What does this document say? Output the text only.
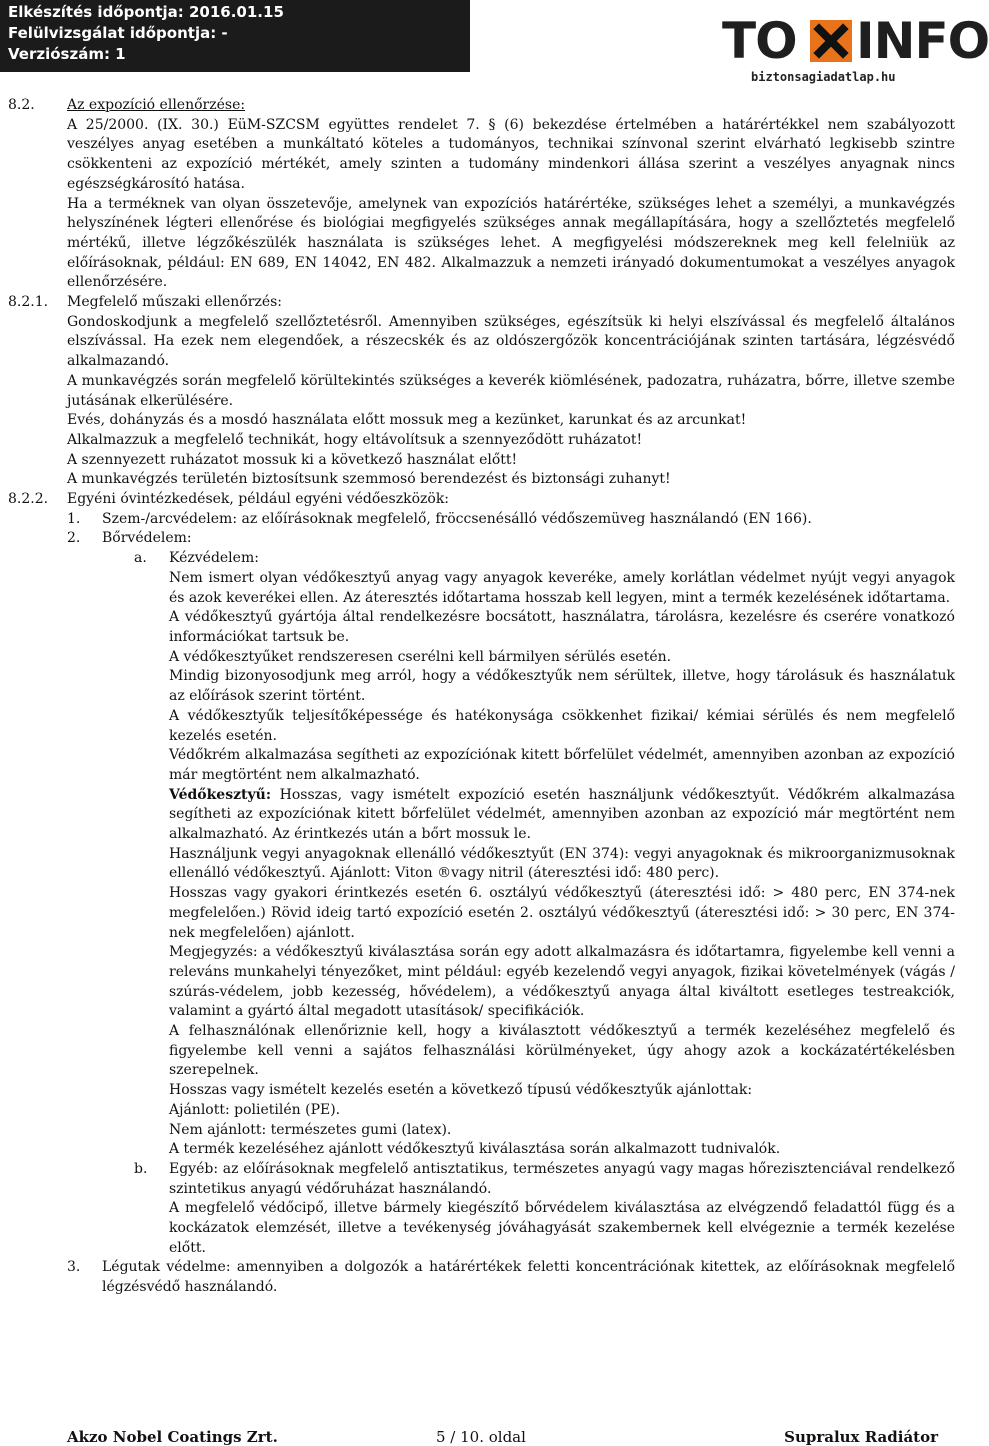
Elkészítés időpontja: 2016.01.15
Felülvizsgálat időpontja: -
Verziószám: 1	TO INFO
biztonsagiadatlap.hu
8.2. Az expozíció ellenőrzése:
A 25/2000. (IX. 30.) EüM-SZCSM együttes rendelet 7. § (6) bekezdése értelmében a határértékkel nem szabályozott veszélyes anyag esetében a munkáltató köteles a tudományos, technikai színvonal szerint elvárható legkisebb szintre csökkenteni az expozíció mértékét, amely szinten a tudomány mindenkori állása szerint a veszélyes anyagnak nincs egészségkárosító hatása.
Ha a terméknek van olyan összetevője, amelynek van expozíciós határértéke, szükséges lehet a személyi, a munkavégzés helyszínének légteri ellenőrése és biológiai megfigyelés szükséges annak megállapítására, hogy a szellőztetés megfelelő mértékű, illetve légzőkészülék használata is szükséges lehet. A megfigyelési módszereknek meg kell felelniük az előírásoknak, például: EN 689, EN 14042, EN 482. Alkalmazzuk a nemzeti irányadó dokumentumokat a veszélyes anyagok ellenőrzésére.
8.2.1. Megfelelő műszaki ellenőrzés:
Gondoskodjunk a megfelelő szellőztetésről. Amennyiben szükséges, egészítsük ki helyi elszívással és megfelelő általános elszívással. Ha ezek nem elegendőek, a részecskék és az oldószergőzök koncentrációjának szinten tartására, légzésvédő alkalmazandó.
A munkavégzés során megfelelő körültekintés szükséges a keverék kiömlésének, padozatra, ruházatra, bőrre, illetve szembe jutásának elkerülésére.
Evés, dohányzás és a mosdó használata előtt mossuk meg a kezünket, karunkat és az arcunkat!
Alkalmazzuk a megfelelő technikát, hogy eltávolítsuk a szennyeződött ruházatot!
A szennyezett ruházatot mossuk ki a következő használat előtt!
A munkavégzés területén biztosítsunk szemmosó berendezést és biztonsági zuhanyt!
8.2.2. Egyéni óvintézkedések, például egyéni védőeszközök:
1. Szem-/arcvédelem: az előírásoknak megfelelő, fröccsenésálló védőszemüveg használandó (EN 166).
2. Bőrvédelem:
a. Kézvédelem:
Nem ismert olyan védőkesztyű anyag vagy anyagok keveréke, amely korlátlan védelmet nyújt vegyi anyagok és azok keverékei ellen. Az áteresztés időtartama hosszab kell legyen, mint a termék kezelésének időtartama.
A védőkesztyű gyártója által rendelkezésre bocsátott, használatra, tárolásra, kezelésre és cserére vonatkozó információkat tartsuk be.
A védőkesztyűket rendszeresen cserélni kell bármilyen sérülés esetén.
Mindig bizonyosodjunk meg arról, hogy a védőkesztyűk nem sérültek, illetve, hogy tárolásuk és használatuk az előírások szerint történt.
A védőkesztyűk teljesítőképessége és hatékonysága csökkenhet fizikai/ kémiai sérülés és nem megfelelő kezelés esetén.
Védőkrém alkalmazása segítheti az expozíciónak kitett bőrfelület védelmét, amennyiben azonban az expozíció már megtörtént nem alkalmazható.
Védőkesztyű: Hosszas, vagy ismételt expozíció esetén használjunk védőkesztyűt. Védőkrém alkalmazása segítheti az expozíciónak kitett bőrfelület védelmét, amennyiben azonban az expozíció már megtörtént nem alkalmazható. Az érintkezés után a bőrt mossuk le.
Használjunk vegyi anyagoknak ellenálló védőkesztyűt (EN 374): vegyi anyagoknak és mikroorganizmusoknak ellenálló védőkesztyű. Ajánlott: Viton ®vagy nitril (áteresztési idő: 480 perc).
Hosszas vagy gyakori érintkezés esetén 6. osztályú védőkesztyű (áteresztési idő: > 480 perc, EN 374-nek megfelelően.) Rövid ideig tartó expozíció esetén 2. osztályú védőkesztyű (áteresztési idő: > 30 perc, EN 374-nek megfelelően) ajánlott.
Megjegyzés: a védőkesztyű kiválasztása során egy adott alkalmazásra és időtartamra, figyelembe kell venni a releváns munkahelyi tényezőket, mint például: egyéb kezelendő vegyi anyagok, fizikai követelmények (vágás / szúrás-védelem, jobb kezesség, hővédelem), a védőkesztyű anyaga által kiváltott esetleges testreakciók, valamint a gyártó által megadott utasítások/ specifikációk.
A felhasználónak ellenőriznie kell, hogy a kiválasztott védőkesztyű a termék kezeléséhez megfelelő és figyelembe kell venni a sajátos felhasználási körülményeket, úgy ahogy azok a kockázatértékelésben szerepelnek.
Hosszas vagy ismételt kezelés esetén a következő típusú védőkesztyűk ajánlottak:
Ajánlott: polietilén (PE).
Nem ajánlott: természetes gumi (latex).
A termék kezeléséhez ajánlott védőkesztyű kiválasztása során alkalmazott tudnivalók.
b. Egyéb: az előírásoknak megfelelő antisztatikus, természetes anyagú vagy magas hőrezisztenciával rendelkező szintetikus anyagú védőruházat használandó.
A megfelelő védőcipő, illetve bármely kiegészítő bőrvédelem kiválasztása az elvégzendő feladattól függ és a kockázatok elemzését, illetve a tevékenység jóváhagyását szakembernek kell elvégeznie a termék kezelése előtt.
3. Légutak védelme: amennyiben a dolgozók a határértékek feletti koncentrációnak kitettek, az előírásoknak megfelelő légzésvédő használandó.
Akzo Nobel Coatings Zrt.	5 / 10. oldal	Supralux Radiátor
